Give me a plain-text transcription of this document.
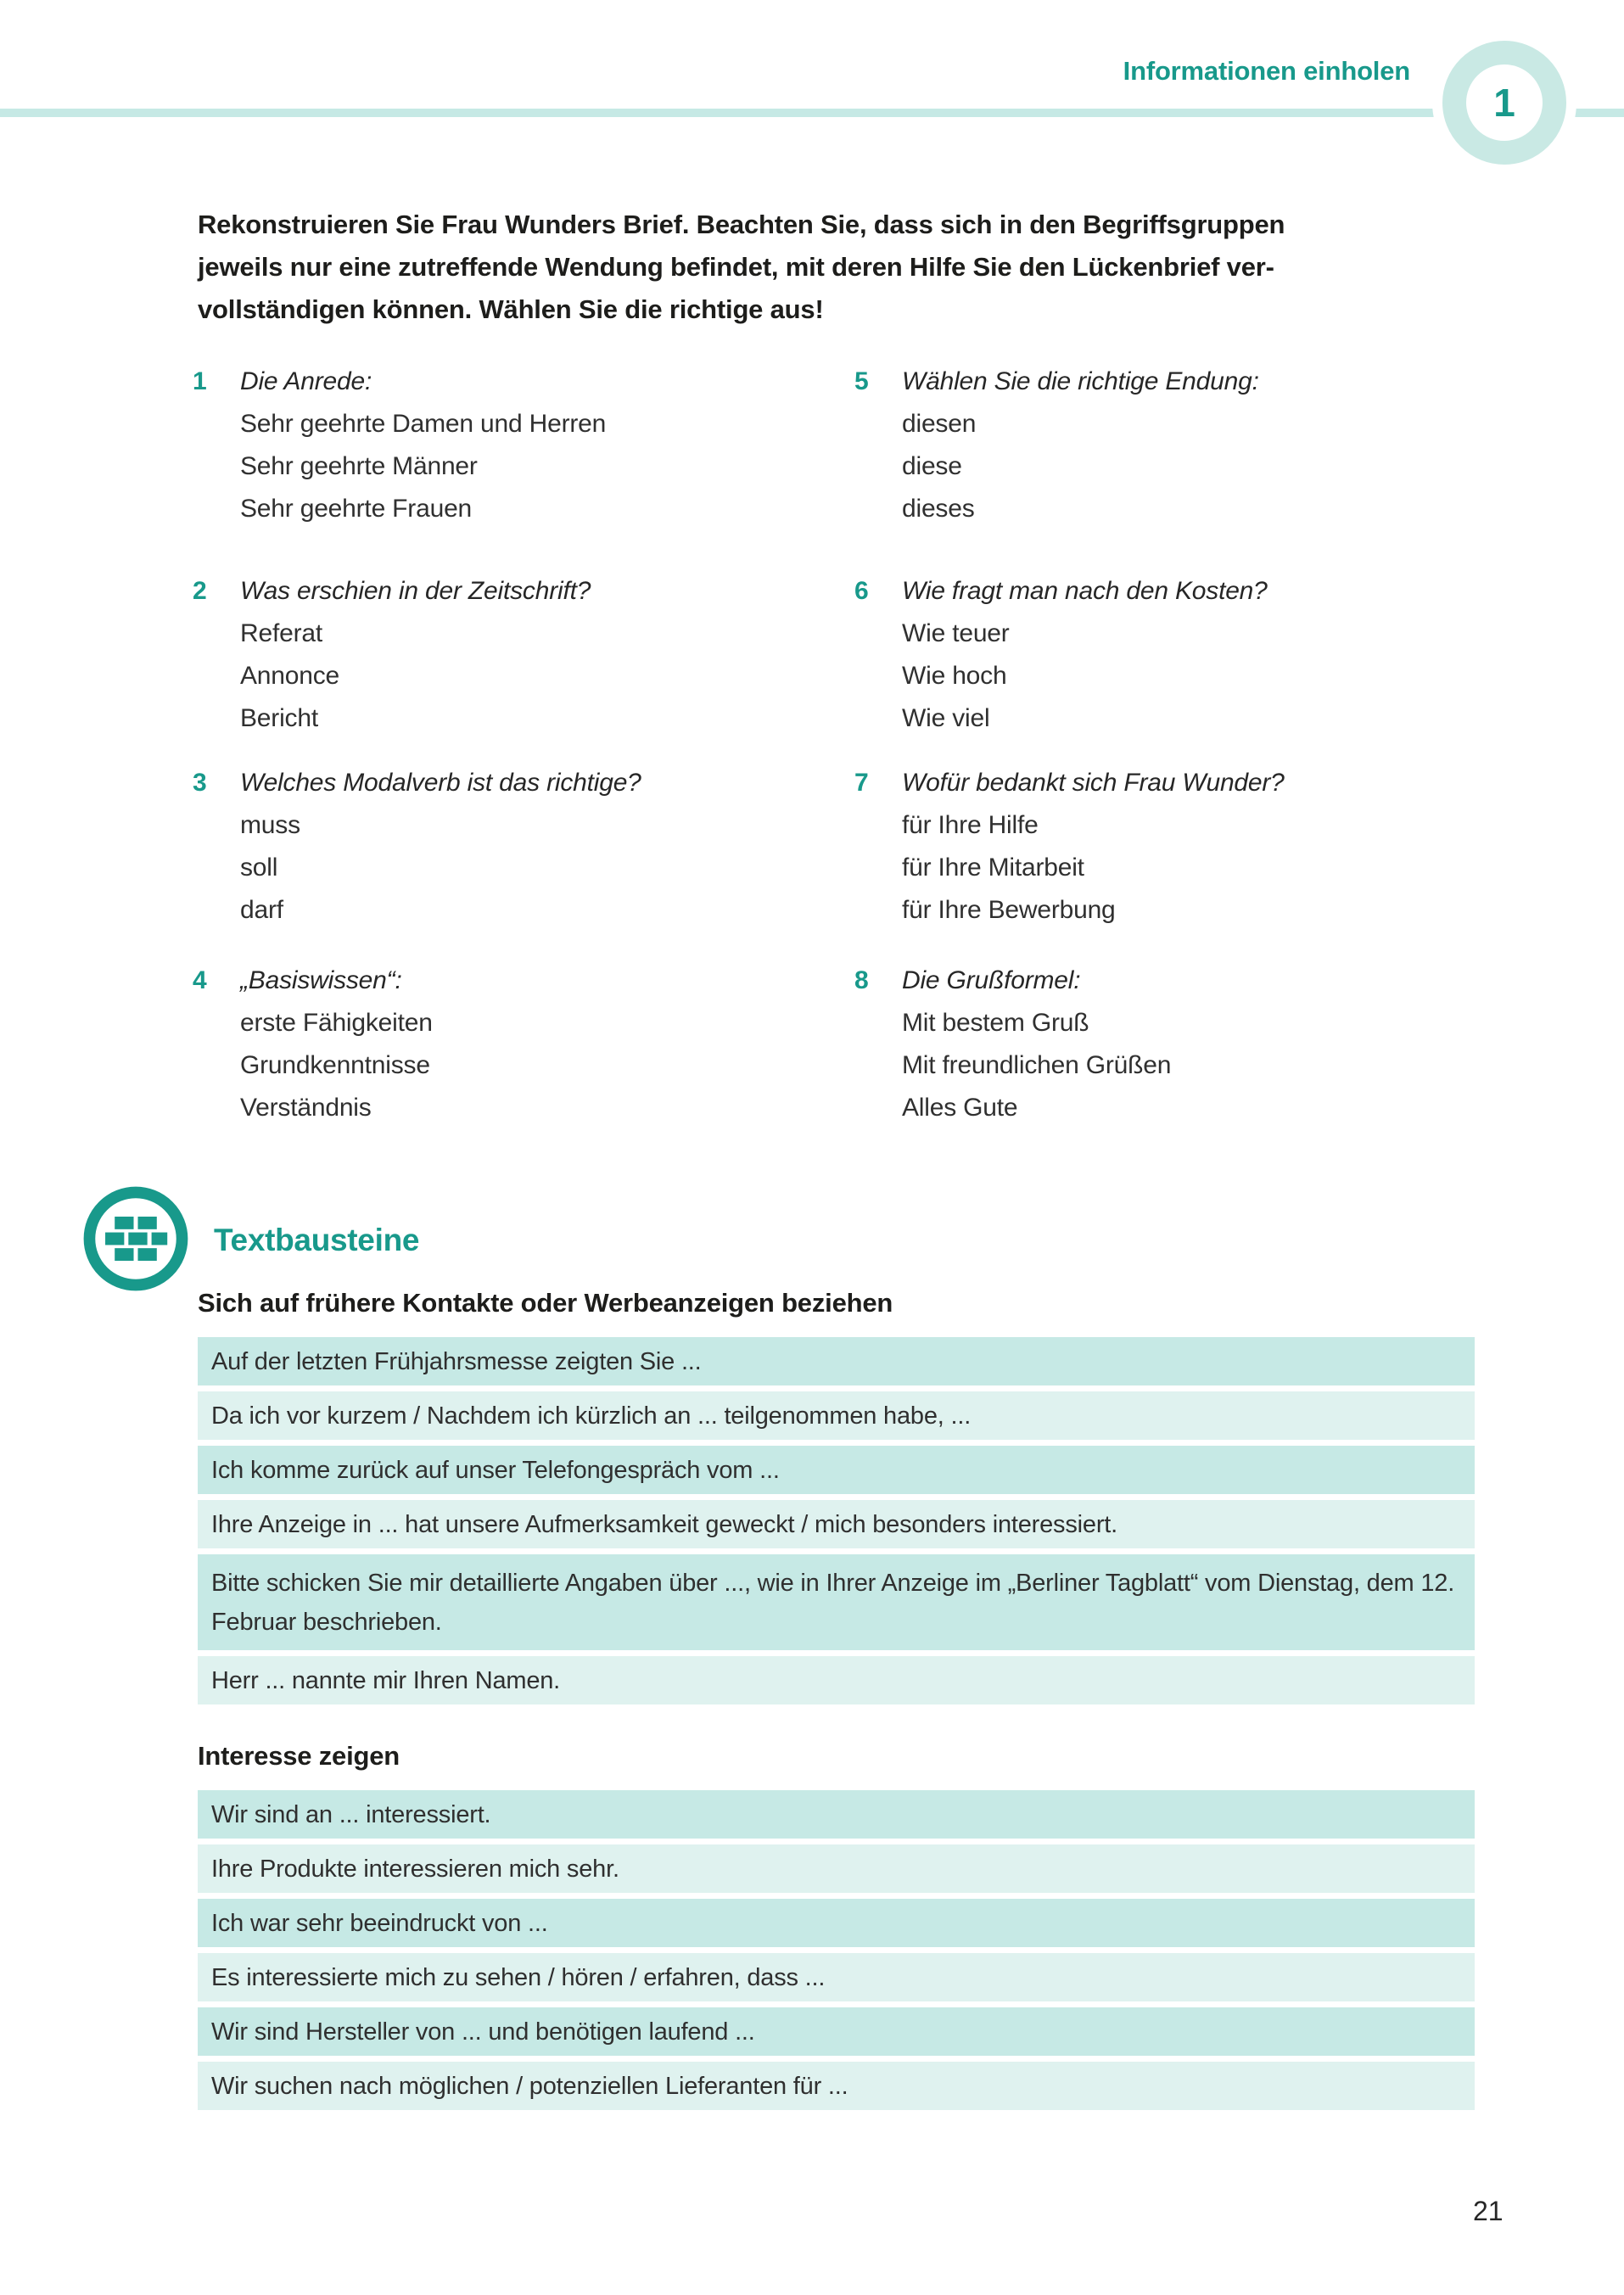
Informationen einholen
1
Rekonstruieren Sie Frau Wunders Brief. Beachten Sie, dass sich in den Begriffsgruppen
jeweils nur eine zutreffende Wendung befindet, mit deren Hilfe Sie den Lückenbrief ver-
vollständigen können. Wählen Sie die richtige aus!
1	Die Anrede:
Sehr geehrte Damen und Herren
Sehr geehrte Männer
Sehr geehrte Frauen
2	Was erschien in der Zeitschrift?
Referat
Annonce
Bericht
3	Welches Modalverb ist das richtige?
muss
soll
darf
4	„Basiswissen“:
erste Fähigkeiten
Grundkenntnisse
Verständnis
5	Wählen Sie die richtige Endung:
diesen
diese
dieses
6	Wie fragt man nach den Kosten?
Wie teuer
Wie hoch
Wie viel
7	Wofür bedankt sich Frau Wunder?
für Ihre Hilfe
für Ihre Mitarbeit
für Ihre Bewerbung
8	Die Grußformel:
Mit bestem Gruß
Mit freundlichen Grüßen
Alles Gute
Textbausteine
Sich auf frühere Kontakte oder Werbeanzeigen beziehen
Auf der letzten Frühjahrsmesse zeigten Sie ...
Da ich vor kurzem / Nachdem ich kürzlich an ... teilgenommen habe, ...
Ich komme zurück auf unser Telefongespräch vom ...
Ihre Anzeige in ... hat unsere Aufmerksamkeit geweckt / mich besonders interessiert.
Bitte schicken Sie mir detaillierte Angaben über ..., wie in Ihrer Anzeige im „Berliner Tagblatt“ vom Dienstag, dem 12. Februar beschrieben.
Herr ... nannte mir Ihren Namen.
Interesse zeigen
Wir sind an ... interessiert.
Ihre Produkte interessieren mich sehr.
Ich war sehr beeindruckt von ...
Es interessierte mich zu sehen / hören / erfahren, dass ...
Wir sind Hersteller von ... und benötigen laufend ...
Wir suchen nach möglichen / potenziellen Lieferanten für ...
21
